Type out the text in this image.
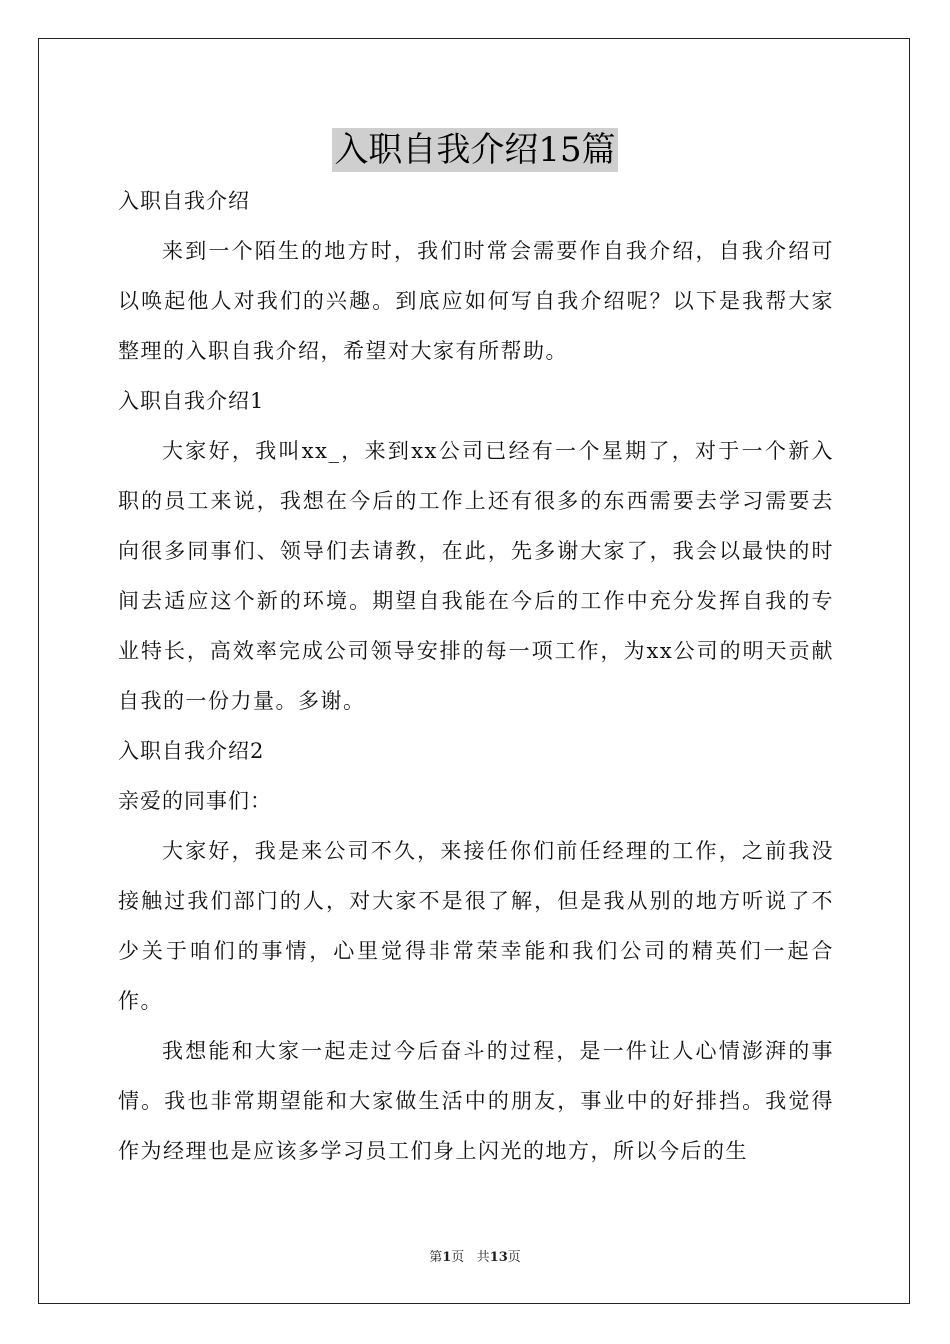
入职自我介绍15篇

入职自我介绍

来到一个陌生的地方时，我们时常会需要作自我介绍，自我介绍可以唤起他人对我们的兴趣。到底应如何写自我介绍呢？以下是我帮大家整理的入职自我介绍，希望对大家有所帮助。

入职自我介绍1

大家好，我叫xx_，来到xx公司已经有一个星期了，对于一个新入职的员工来说，我想在今后的工作上还有很多的东西需要去学习需要去向很多同事们、领导们去请教，在此，先多谢大家了，我会以最快的时间去适应这个新的环境。期望自我能在今后的工作中充分发挥自我的专业特长，高效率完成公司领导安排的每一项工作，为xx公司的明天贡献自我的一份力量。多谢。

入职自我介绍2

亲爱的同事们：

大家好，我是来公司不久，来接任你们前任经理的工作，之前我没接触过我们部门的人，对大家不是很了解，但是我从别的地方听说了不少关于咱们的事情，心里觉得非常荣幸能和我们公司的精英们一起合作。

我想能和大家一起走过今后奋斗的过程，是一件让人心情澎湃的事情。我也非常期望能和大家做生活中的朋友，事业中的好排挡。我觉得作为经理也是应该多学习员工们身上闪光的地方，所以今后的生

第1页 共13页
